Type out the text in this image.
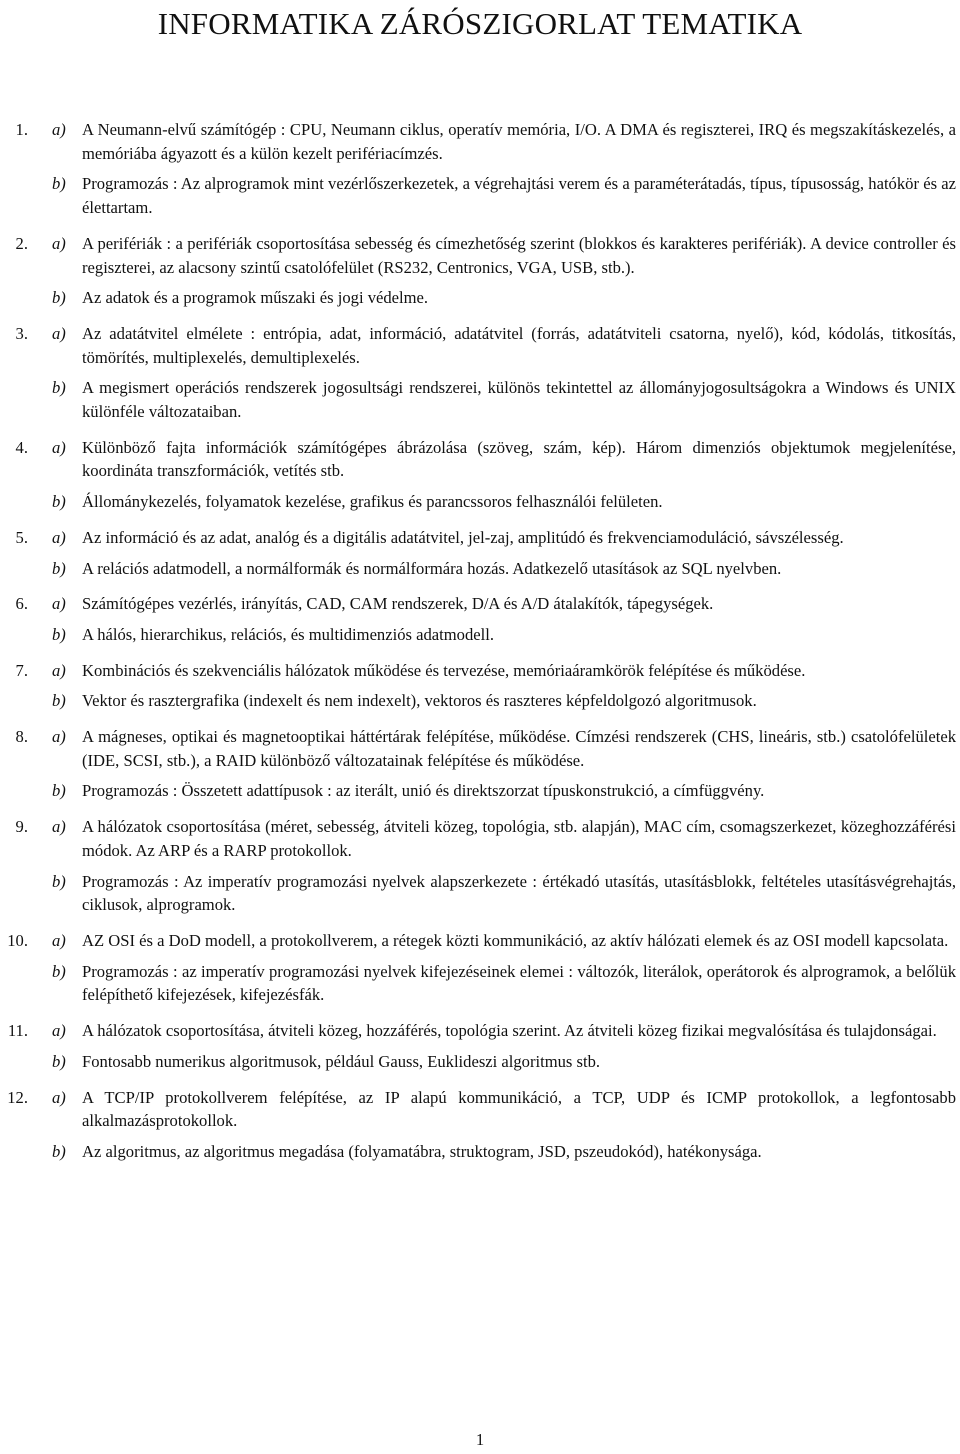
INFORMATIKA ZÁRÓSZIGORLAT TEMATIKA
1. a) A Neumann-elvű számítógép : CPU, Neumann ciklus, operatív memória, I/O. A DMA és regiszterei, IRQ és megszakításkezelés, a memóriába ágyazott és a külön kezelt perifériacímzés.
b) Programozás : Az alprogramok mint vezérlőszerkezetek, a végrehajtási verem és a paraméterátadás, típus, típusosság, hatókör és az élettartam.
2. a) A perifériák : a perifériák csoportosítása sebesség és címezhetőség szerint (blokkos és karakteres perifériák). A device controller és regiszterei, az alacsony szintű csatolófelület (RS232, Centronics, VGA, USB, stb.).
b) Az adatok és a programok műszaki és jogi védelme.
3. a) Az adatátvitel elmélete : entrópia, adat, információ, adatátvitel (forrás, adatátviteli csatorna, nyelő), kód, kódolás, titkosítás, tömörítés, multiplexelés, demultiplexelés.
b) A megismert operációs rendszerek jogosultsági rendszerei, különös tekintettel az állományjogosultságokra a Windows és UNIX különféle változataiban.
4. a) Különböző fajta információk számítógépes ábrázolása (szöveg, szám, kép). Három dimenziós objektumok megjelenítése, koordináta transzformációk, vetítés stb.
b) Állománykezelés, folyamatok kezelése, grafikus és parancssoros felhasználói felületen.
5. a) Az információ és az adat, analóg és a digitális adatátvitel, jel-zaj, amplitúdó és frekvenciamoduláció, sávszélesség.
b) A relációs adatmodell, a normálformák és normálformára hozás. Adatkezelő utasítások az SQL nyelvben.
6. a) Számítógépes vezérlés, irányítás, CAD, CAM rendszerek, D/A és A/D átalakítók, tápegységek.
b) A hálós, hierarchikus, relációs, és multidimenziós adatmodell.
7. a) Kombinációs és szekvenciális hálózatok működése és tervezése, memóriaáramkörök felépítése és működése.
b) Vektor és rasztergrafika (indexelt és nem indexelt), vektoros és raszteres képfeldolgozó algoritmusok.
8. a) A mágneses, optikai és magnetooptikai háttértárak felépítése, működése. Címzési rendszerek (CHS, lineáris, stb.) csatolófelületek (IDE, SCSI, stb.), a RAID különböző változatainak felépítése és működése.
b) Programozás : Összetett adattípusok : az iterált, unió és direktszorzat típuskonstrukció, a címfüggvény.
9. a) A hálózatok csoportosítása (méret, sebesség, átviteli közeg, topológia, stb. alapján), MAC cím, csomagszerkezet, közeghozzáférési módok. Az ARP és a RARP protokollok.
b) Programozás : Az imperatív programozási nyelvek alapszerkezete : értékadó utasítás, utasításblokk, feltételes utasításvégrehajtás, ciklusok, alprogramok.
10. a) AZ OSI és a DoD modell, a protokollverem, a rétegek közti kommunikáció, az aktív hálózati elemek és az OSI modell kapcsolata.
b) Programozás : az imperatív programozási nyelvek kifejezéseinek elemei : változók, literálok, operátorok és alprogramok, a belőlük felépíthető kifejezések, kifejezésfák.
11. a) A hálózatok csoportosítása, átviteli közeg, hozzáférés, topológia szerint. Az átviteli közeg fizikai megvalósítása és tulajdonságai.
b) Fontosabb numerikus algoritmusok, például Gauss, Euklideszi algoritmus stb.
12. a) A TCP/IP protokollverem felépítése, az IP alapú kommunikáció, a TCP, UDP és ICMP protokollok, a legfontosabb alkalmazásprotokollok.
b) Az algoritmus, az algoritmus megadása (folyamatábra, struktogram, JSD, pszeudokód), hatékonysága.
1
